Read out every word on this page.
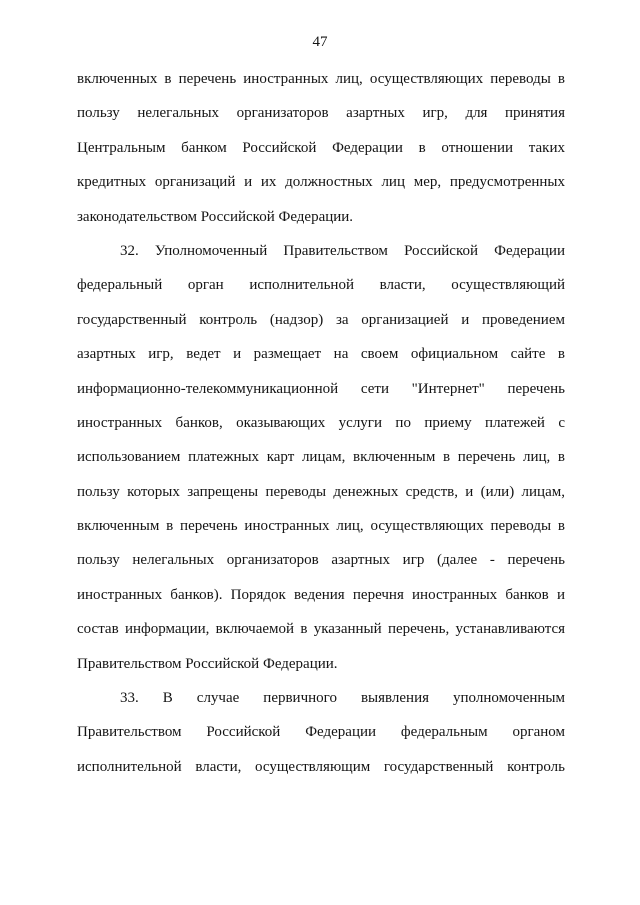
47
включенных в перечень иностранных лиц, осуществляющих переводы в
пользу нелегальных организаторов азартных игр, для принятия
Центральным банком Российской Федерации в отношении таких
кредитных организаций и их должностных лиц мер, предусмотренных
законодательством Российской Федерации.
32. Уполномоченный Правительством Российской Федерации
федеральный орган исполнительной власти, осуществляющий
государственный контроль (надзор) за организацией и проведением
азартных игр, ведет и размещает на своем официальном сайте в
информационно-телекоммуникационной сети "Интернет" перечень
иностранных банков, оказывающих услуги по приему платежей с
использованием платежных карт лицам, включенным в перечень лиц, в
пользу которых запрещены переводы денежных средств, и (или) лицам,
включенным в перечень иностранных лиц, осуществляющих переводы в
пользу нелегальных организаторов азартных игр (далее - перечень
иностранных банков). Порядок ведения перечня иностранных банков и
состав информации, включаемой в указанный перечень, устанавливаются
Правительством Российской Федерации.
33. В случае первичного выявления уполномоченным
Правительством Российской Федерации федеральным органом
исполнительной власти, осуществляющим государственный контроль
